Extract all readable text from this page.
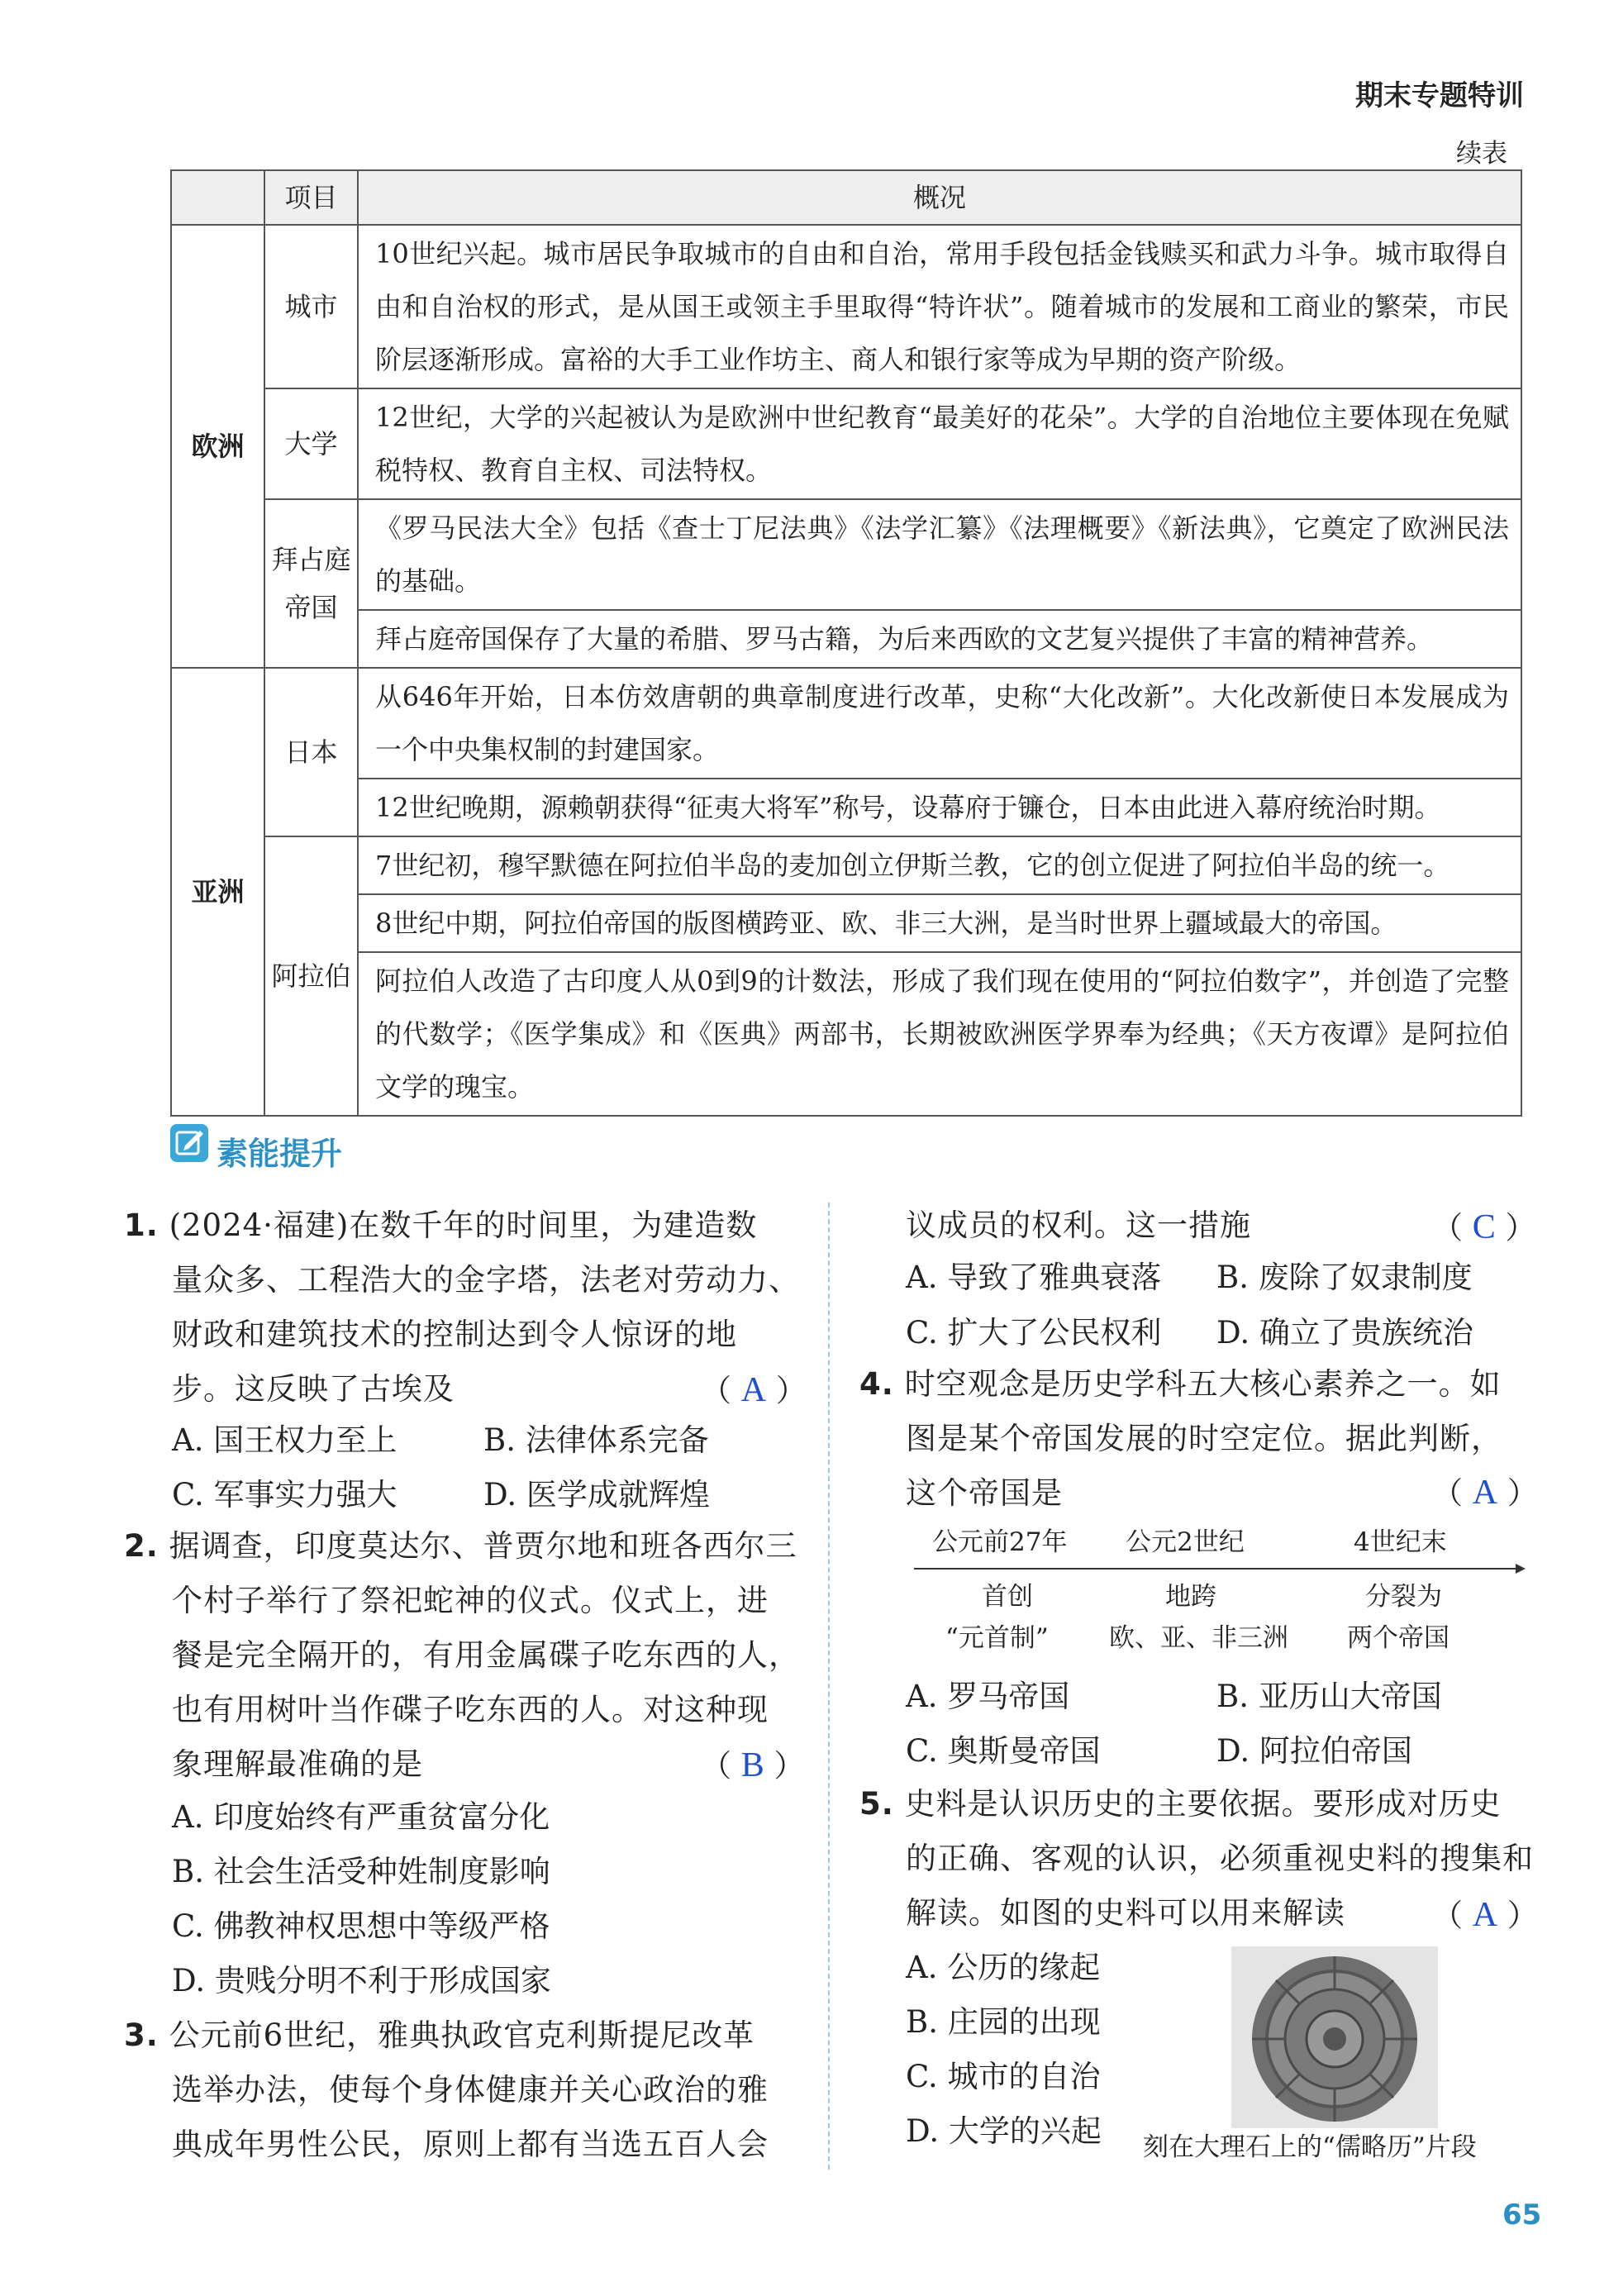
期末专题特训
续表
	项目	概况
欧洲	城市	10世纪兴起。城市居民争取城市的自由和自治，常用手段包括金钱赎买和武力斗争。城市取得自由和自治权的形式，是从国王或领主手里取得“特许状”。随着城市的发展和工商业的繁荣，市民阶层逐渐形成。富裕的大手工业作坊主、商人和银行家等成为早期的资产阶级。

	大学	12世纪，大学的兴起被认为是欧洲中世纪教育“最美好的花朵”。大学的自治地位主要体现在免赋税特权、教育自主权、司法特权。

	拜占庭帝国	《罗马民法大全》包括《查士丁尼法典》《法学汇纂》《法理概要》《新法典》，它奠定了欧洲民法的基础。

		拜占庭帝国保存了大量的希腊、罗马古籍，为后来西欧的文艺复兴提供了丰富的精神营养。

亚洲	日本	从646年开始，日本仿效唐朝的典章制度进行改革，史称“大化改新”。大化改新使日本发展成为一个中央集权制的封建国家。

		12世纪晚期，源赖朝获得“征夷大将军”称号，设幕府于镰仓，日本由此进入幕府统治时期。

	阿拉伯	7世纪初，穆罕默德在阿拉伯半岛的麦加创立伊斯兰教，它的创立促进了阿拉伯半岛的统一。

		8世纪中期，阿拉伯帝国的版图横跨亚、欧、非三大洲，是当时世界上疆域最大的帝国。

		阿拉伯人改造了古印度人从0到9的计数法，形成了我们现在使用的“阿拉伯数字”，并创造了完整的代数学；《医学集成》和《医典》两部书，长期被欧洲医学界奉为经典；《天方夜谭》是阿拉伯文学的瑰宝。

素能提升

1. (2024·福建)在数千年的时间里，为建造数

量众多、工程浩大的金字塔，法老对劳动力、

财政和建筑技术的控制达到令人惊讶的地

步。这反映了古埃及	（ A ）
A. 国王权力至上	B. 法律体系完备
C. 军事实力强大	D. 医学成就辉煌

2. 据调查，印度莫达尔、普贾尔地和班各西尔三

个村子举行了祭祀蛇神的仪式。仪式上，进

餐是完全隔开的，有用金属碟子吃东西的人，

也有用树叶当作碟子吃东西的人。对这种现

象理解最准确的是	（ B ）
A. 印度始终有严重贫富分化
B. 社会生活受种姓制度影响
C. 佛教神权思想中等级严格
D. 贵贱分明不利于形成国家

3. 公元前6世纪，雅典执政官克利斯提尼改革

选举办法，使每个身体健康并关心政治的雅

典成年男性公民，原则上都有当选五百人会

议成员的权利。这一措施	（ C ）
A. 导致了雅典衰落 B. 废除了奴隶制度
C. 扩大了公民权利 D. 确立了贵族统治

4. 时空观念是历史学科五大核心素养之一。如

图是某个帝国发展的时空定位。据此判断，

这个帝国是	（ A ）
公元前27年 公元2世纪	4世纪末
首创	地跨	分裂为
“元首制” 欧、亚、非三洲 两个帝国
A. 罗马帝国	B. 亚历山大帝国
C. 奥斯曼帝国	D. 阿拉伯帝国

5. 史料是认识历史的主要依据。要形成对历史

的正确、客观的认识，必须重视史料的搜集和

解读。如图的史料可以用来解读	（ A ）
A. 公历的缘起
B. 庄园的出现
C. 城市的自治
D. 大学的兴起 刻在大理石上的“儒略历”片段
65
